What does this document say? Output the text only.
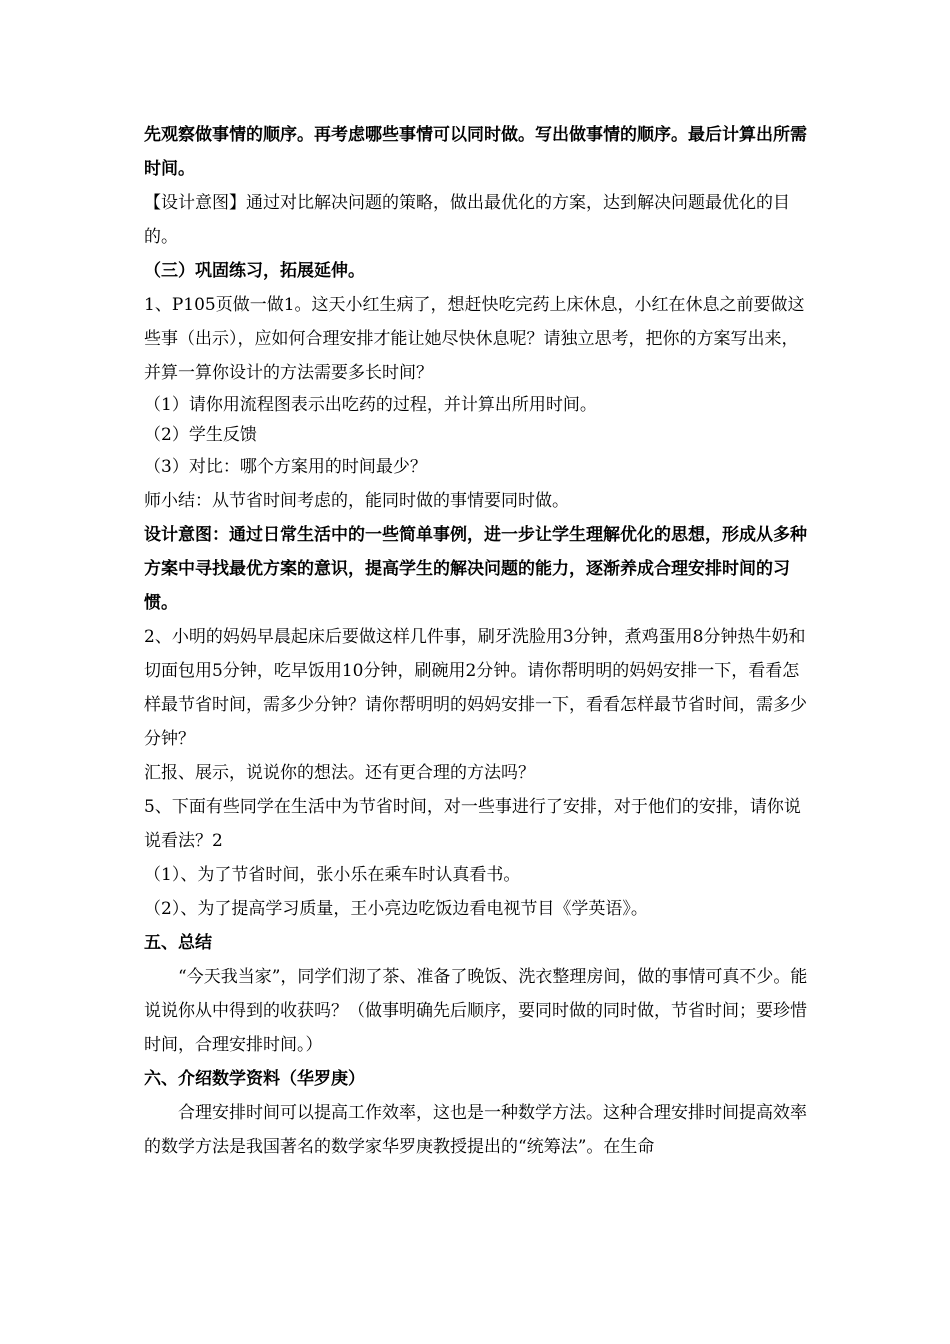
先观察做事情的顺序。再考虑哪些事情可以同时做。写出做事情的顺序。最后计算出所需时间。

【设计意图】通过对比解决问题的策略，做出最优化的方案，达到解决问题最优化的目的。

（三）巩固练习，拓展延伸。

1、P105页做一做1。这天小红生病了，想赶快吃完药上床休息，小红在休息之前要做这些事（出示），应如何合理安排才能让她尽快休息呢？请独立思考，把你的方案写出来，并算一算你设计的方法需要多长时间？

（1）请你用流程图表示出吃药的过程，并计算出所用时间。

（2）学生反馈

（3）对比：哪个方案用的时间最少？

师小结：从节省时间考虑的，能同时做的事情要同时做。

设计意图：通过日常生活中的一些简单事例，进一步让学生理解优化的思想，形成从多种方案中寻找最优方案的意识，提高学生的解决问题的能力，逐渐养成合理安排时间的习惯。

2、小明的妈妈早晨起床后要做这样几件事，刷牙洗脸用3分钟，煮鸡蛋用8分钟热牛奶和切面包用5分钟，吃早饭用10分钟，刷碗用2分钟。请你帮明明的妈妈安排一下，看看怎样最节省时间，需多少分钟？请你帮明明的妈妈安排一下，看看怎样最节省时间，需多少分钟？

汇报、展示，说说你的想法。还有更合理的方法吗？

5、下面有些同学在生活中为节省时间，对一些事进行了安排，对于他们的安排，请你说说看法？2

（1）、为了节省时间，张小乐在乘车时认真看书。

（2）、为了提高学习质量，王小亮边吃饭边看电视节目《学英语》。

五、总结

“今天我当家”，同学们沏了茶、准备了晚饭、洗衣整理房间，做的事情可真不少。能说说你从中得到的收获吗？（做事明确先后顺序，要同时做的同时做，节省时间；要珍惜时间，合理安排时间。）

六、介绍数学资料（华罗庚）

合理安排时间可以提高工作效率，这也是一种数学方法。这种合理安排时间提高效率的数学方法是我国著名的数学家华罗庚教授提出的“统筹法”。在生命
